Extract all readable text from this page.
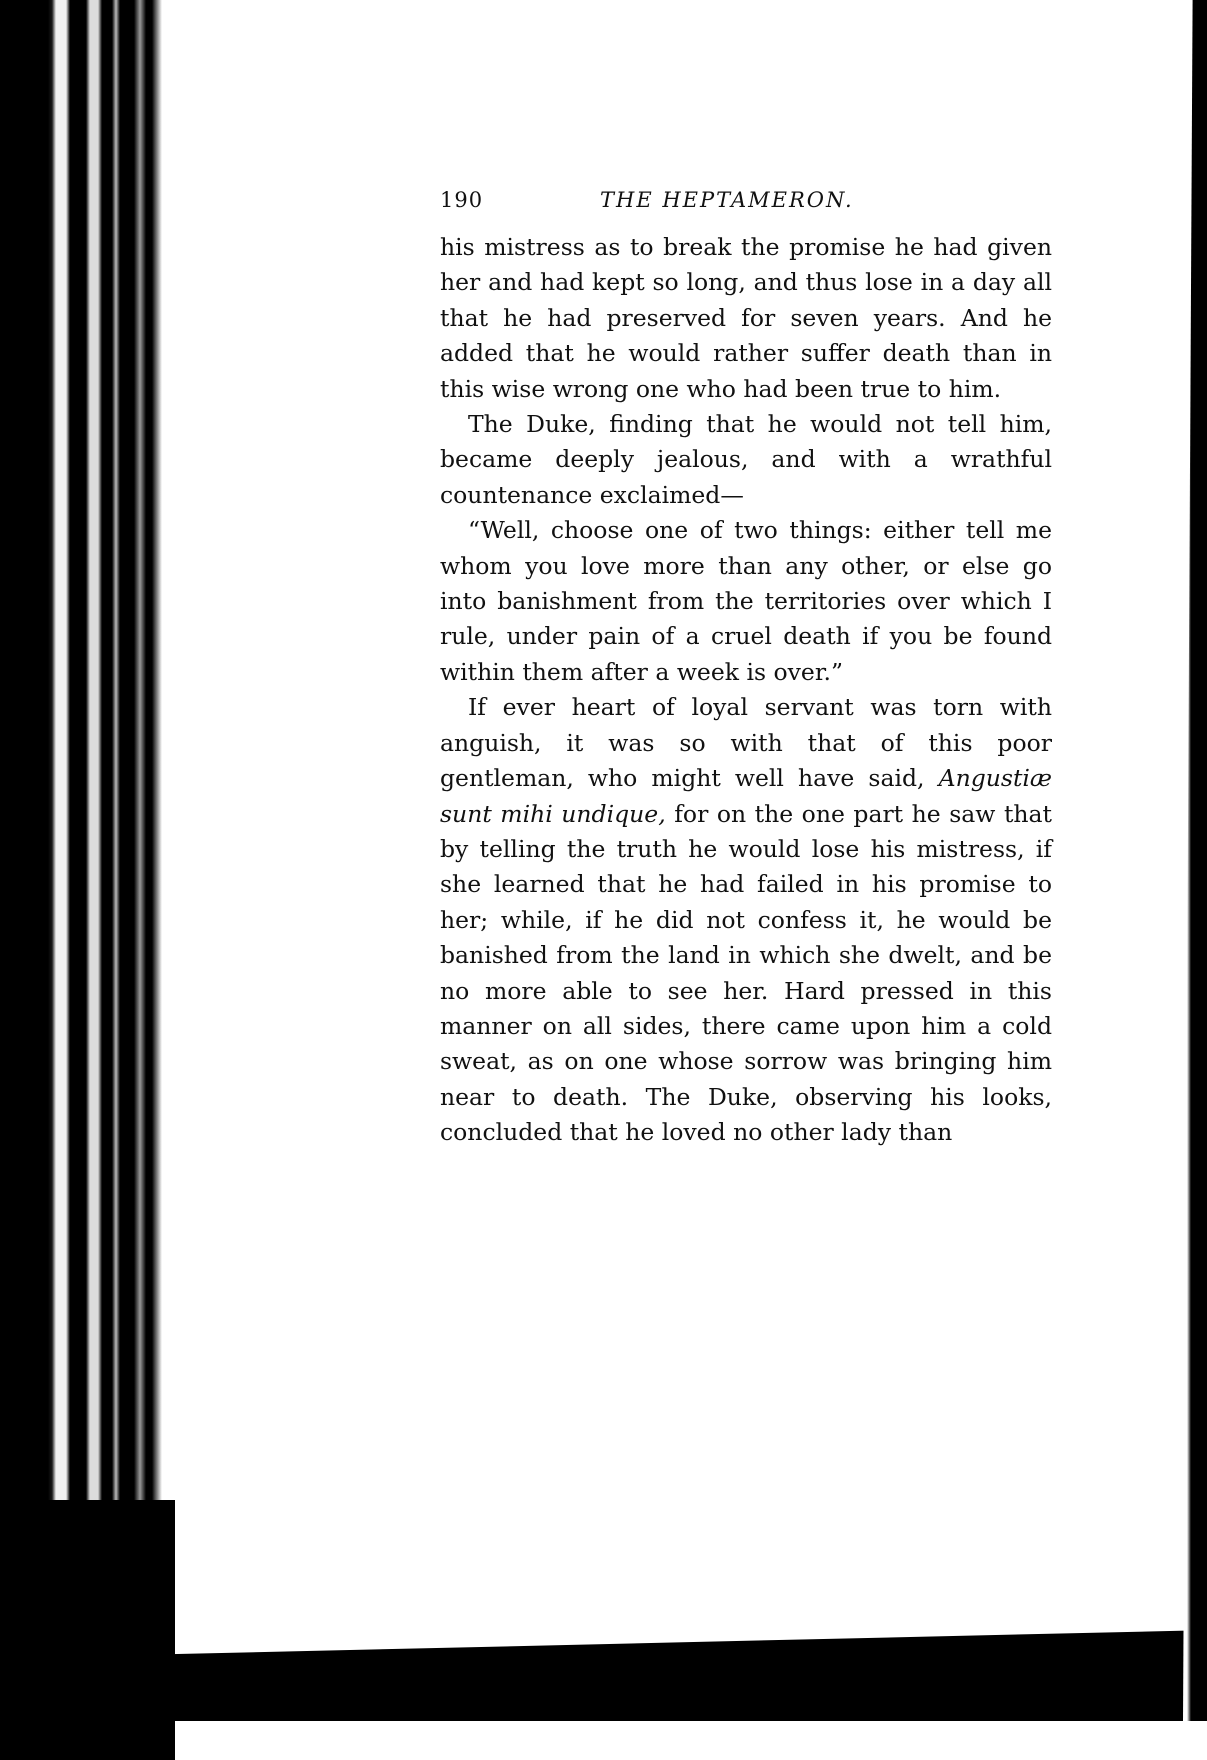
190	THE HEPTAMERON.

his mistress as to break the promise he had given her and had kept so long, and thus lose in a day all that he had preserved for seven years. And he added that he would rather suffer death than in this wise wrong one who had been true to him.

The Duke, finding that he would not tell him, became deeply jealous, and with a wrathful countenance exclaimed—

“Well, choose one of two things: either tell me whom you love more than any other, or else go into banishment from the territories over which I rule, under pain of a cruel death if you be found within them after a week is over.”

If ever heart of loyal servant was torn with anguish, it was so with that of this poor gentleman, who might well have said, Angustiæ sunt mihi undique, for on the one part he saw that by telling the truth he would lose his mistress, if she learned that he had failed in his promise to her; while, if he did not confess it, he would be banished from the land in which she dwelt, and be no more able to see her. Hard pressed in this manner on all sides, there came upon him a cold sweat, as on one whose sorrow was bringing him near to death. The Duke, observing his looks, concluded that he loved no other lady than
